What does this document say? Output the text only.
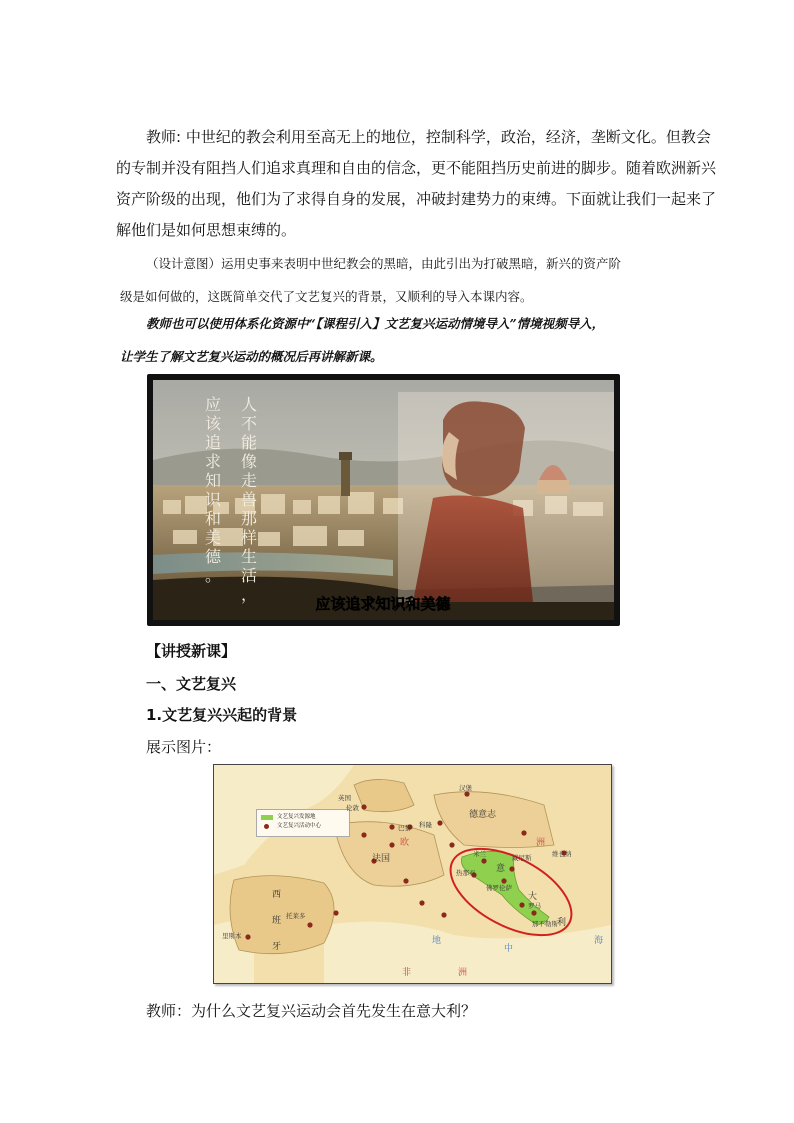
教师: 中世纪的教会利用至高无上的地位，控制科学，政治，经济，垄断文化。但教会
的专制并没有阻挡人们追求真理和自由的信念，更不能阻挡历史前进的脚步。随着欧洲新兴
资产阶级的出现，他们为了求得自身的发展，冲破封建势力的束缚。下面就让我们一起来了
解他们是如何思想束缚的。
（设计意图）运用史事来表明中世纪教会的黑暗，由此引出为打破黑暗，新兴的资产阶
级是如何做的，这既简单交代了文艺复兴的背景，又顺利的导入本课内容。
教师也可以使用体系化资源中“【课程引入】文艺复兴运动情境导入”情境视频导入，
让学生了解文艺复兴运动的概况后再讲解新课。
人
不
能
像
走
兽
那
样
生
活
，
应
该
追
求
知
识
和
美
德
。
应该追求知识和美德
【讲授新课】
一、文艺复兴
1.文艺复兴兴起的背景
展示图片：
文艺复兴发源地
文艺复兴活动中心
英国
伦敦
巴黎
汉堡
德意志
科隆
法国
欧	洲
米兰	威尼斯
热那亚
佛罗伦萨
意
大
利
罗马
那不勒斯
维也纳
西
班
牙
托莱多
里斯本	地
中
海
非	洲
教师：为什么文艺复兴运动会首先发生在意大利？
